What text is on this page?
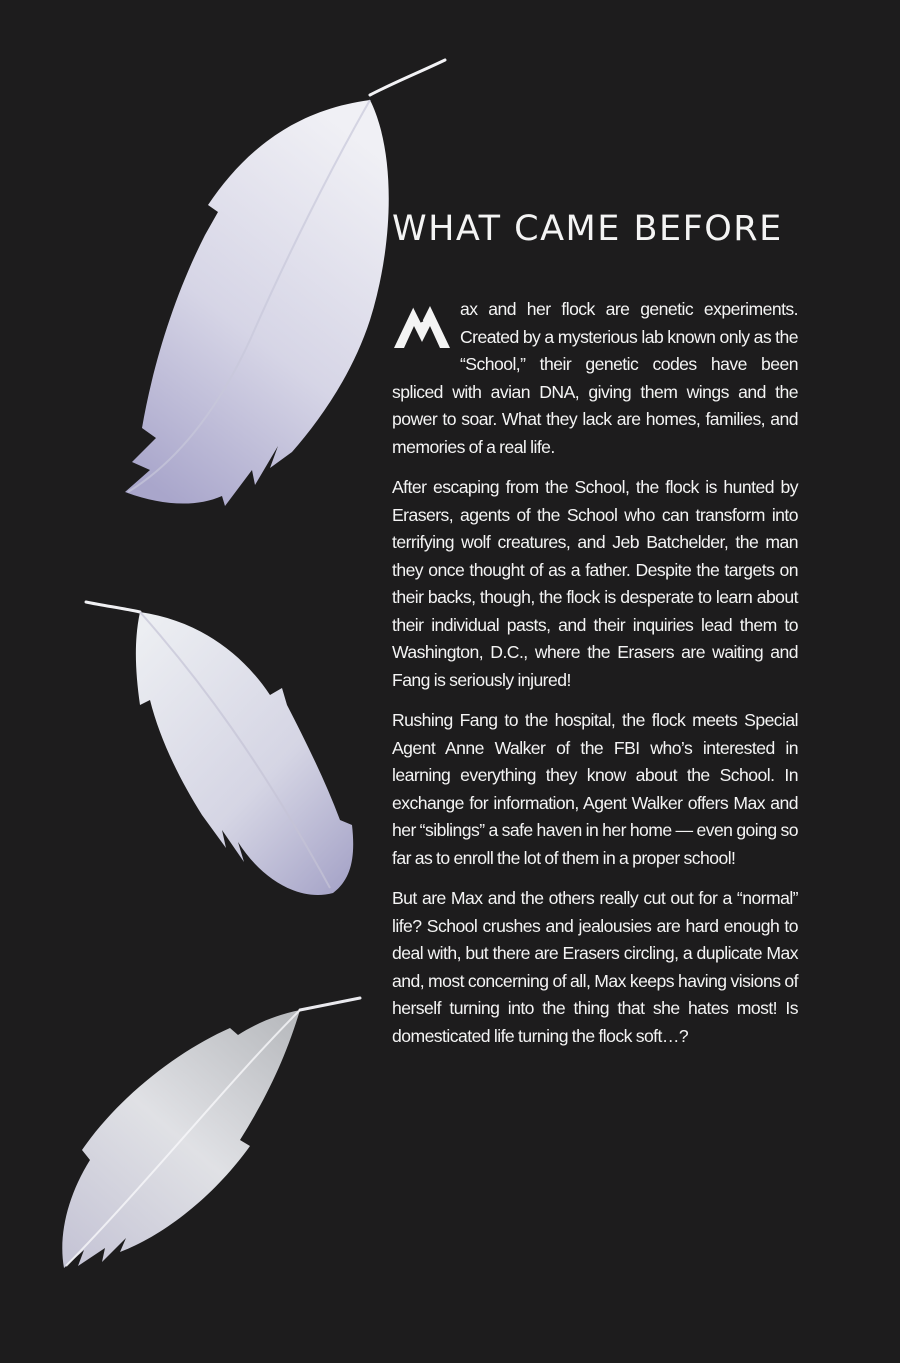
WHAT CAME BEFORE

ax and her flock are genetic experiments. Created by a mysterious lab known only as the “School,” their genetic codes have been spliced with avian DNA, giving them wings and the power to soar. What they lack are homes, families, and memories of a real life.

After escaping from the School, the flock is hunted by Erasers, agents of the School who can transform into terrifying wolf creatures, and Jeb Batchelder, the man they once thought of as a father. Despite the targets on their backs, though, the flock is desperate to learn about their individual pasts, and their inquiries lead them to Washington, D.C., where the Erasers are waiting and Fang is seriously injured!

Rushing Fang to the hospital, the flock meets Special Agent Anne Walker of the FBI who’s interested in learning everything they know about the School. In exchange for information, Agent Walker offers Max and her “siblings” a safe haven in her home — even going so far as to enroll the lot of them in a proper school!

But are Max and the others really cut out for a “normal” life? School crushes and jealousies are hard enough to deal with, but there are Erasers circling, a duplicate Max and, most concerning of all, Max keeps having visions of herself turning into the thing that she hates most! Is domesticated life turning the flock soft…?
